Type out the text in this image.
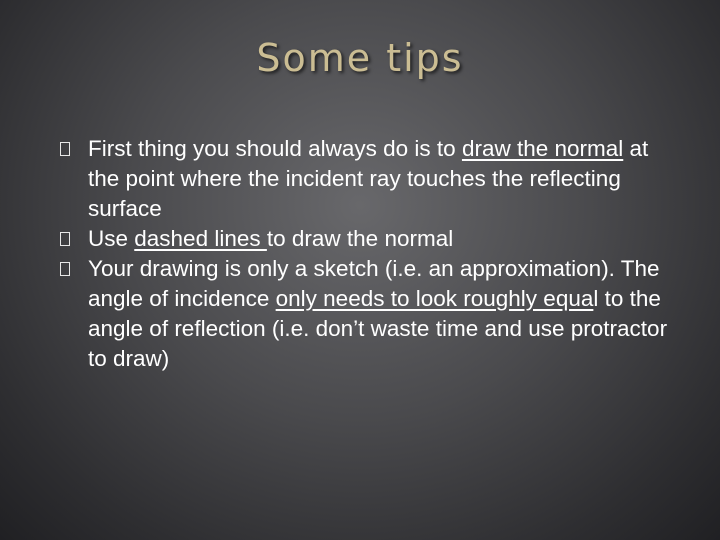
Some tips
First thing you should always do is to draw the normal at the point where the incident ray touches the reflecting surface
Use dashed lines to draw the normal
Your drawing is only a sketch (i.e. an approximation). The angle of incidence only needs to look roughly equal to the angle of reflection (i.e. don’t waste time and use protractor to draw)
